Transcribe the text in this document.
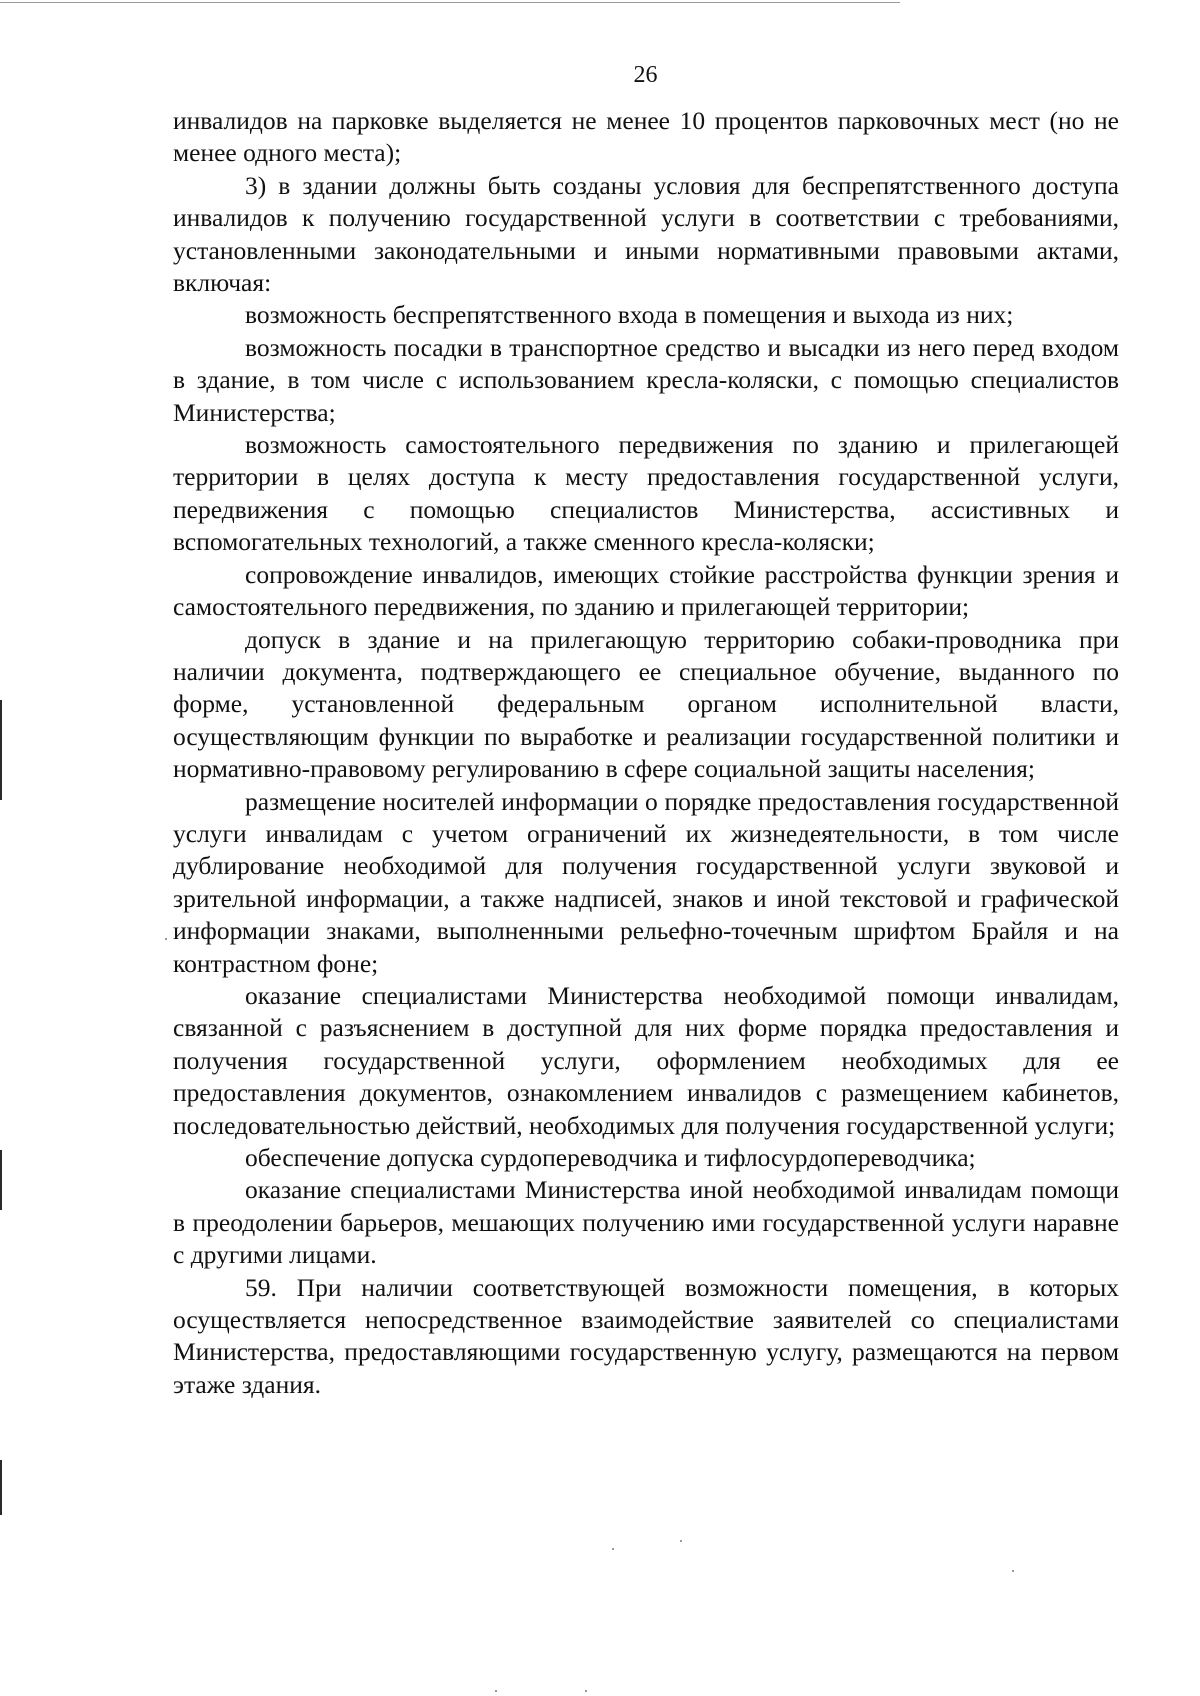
26

инвалидов на парковке выделяется не менее 10 процентов парковочных мест (но не менее одного места);

3) в здании должны быть созданы условия для беспрепятственного доступа инвалидов к получению государственной услуги в соответствии с требованиями, установленными законодательными и иными нормативными правовыми актами, включая:

возможность беспрепятственного входа в помещения и выхода из них;

возможность посадки в транспортное средство и высадки из него перед входом в здание, в том числе с использованием кресла-коляски, с помощью специалистов Министерства;

возможность самостоятельного передвижения по зданию и прилегающей территории в целях доступа к месту предоставления государственной услуги, передвижения с помощью специалистов Министерства, ассистивных и вспомогательных технологий, а также сменного кресла-коляски;

сопровождение инвалидов, имеющих стойкие расстройства функции зрения и самостоятельного передвижения, по зданию и прилегающей территории;

допуск в здание и на прилегающую территорию собаки-проводника при наличии документа, подтверждающего ее специальное обучение, выданного по форме, установленной федеральным органом исполнительной власти, осуществляющим функции по выработке и реализации государственной политики и нормативно-правовому регулированию в сфере социальной защиты населения;

размещение носителей информации о порядке предоставления государственной услуги инвалидам с учетом ограничений их жизнедеятельности, в том числе дублирование необходимой для получения государственной услуги звуковой и зрительной информации, а также надписей, знаков и иной текстовой и графической информации знаками, выполненными рельефно-точечным шрифтом Брайля и на контрастном фоне;

оказание специалистами Министерства необходимой помощи инвалидам, связанной с разъяснением в доступной для них форме порядка предоставления и получения государственной услуги, оформлением необходимых для ее предоставления документов, ознакомлением инвалидов с размещением кабинетов, последовательностью действий, необходимых для получения государственной услуги;

обеспечение допуска сурдопереводчика и тифлосурдопереводчика;

оказание специалистами Министерства иной необходимой инвалидам помощи в преодолении барьеров, мешающих получению ими государственной услуги наравне с другими лицами.

59. При наличии соответствующей возможности помещения, в которых осуществляется непосредственное взаимодействие заявителей со специалистами Министерства, предоставляющими государственную услугу, размещаются на первом этаже здания.
